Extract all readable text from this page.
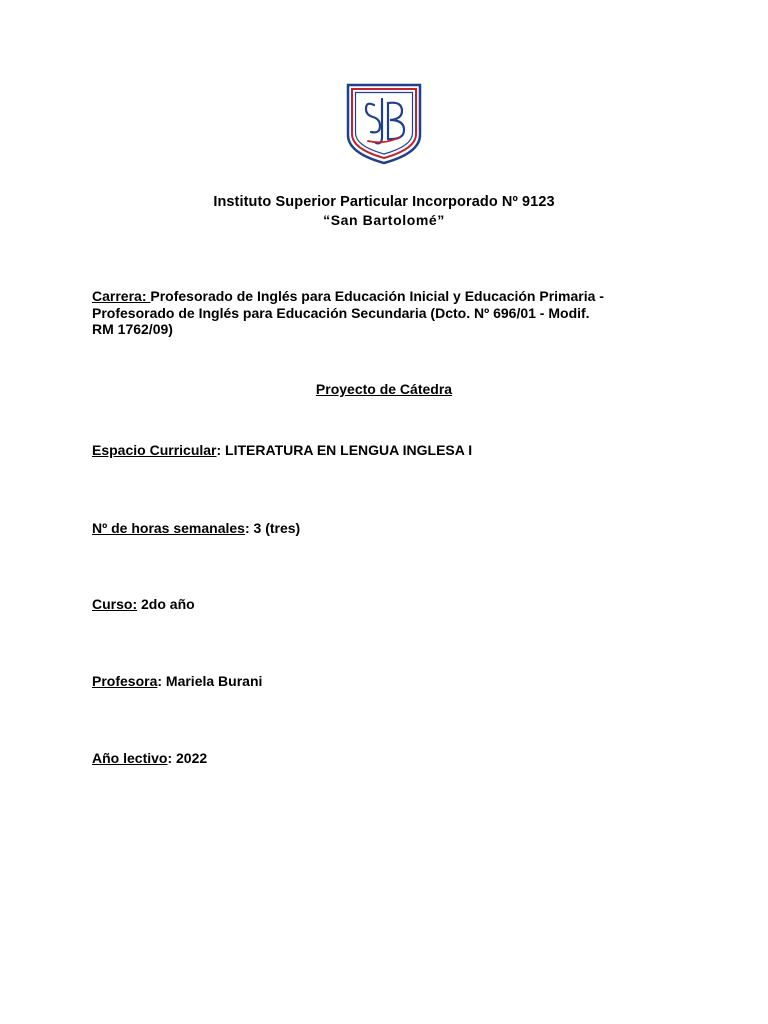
Instituto Superior Particular Incorporado Nº 9123
“San Bartolomé”
Carrera: Profesorado de Inglés para Educación Inicial y Educación Primaria -
Profesorado de Inglés para Educación Secundaria (Dcto. Nº 696/01 - Modif.
RM 1762/09)
Proyecto de Cátedra
Espacio Curricular: LITERATURA EN LENGUA INGLESA I
Nº de horas semanales: 3 (tres)
Curso: 2do año
Profesora: Mariela Burani
Año lectivo: 2022
